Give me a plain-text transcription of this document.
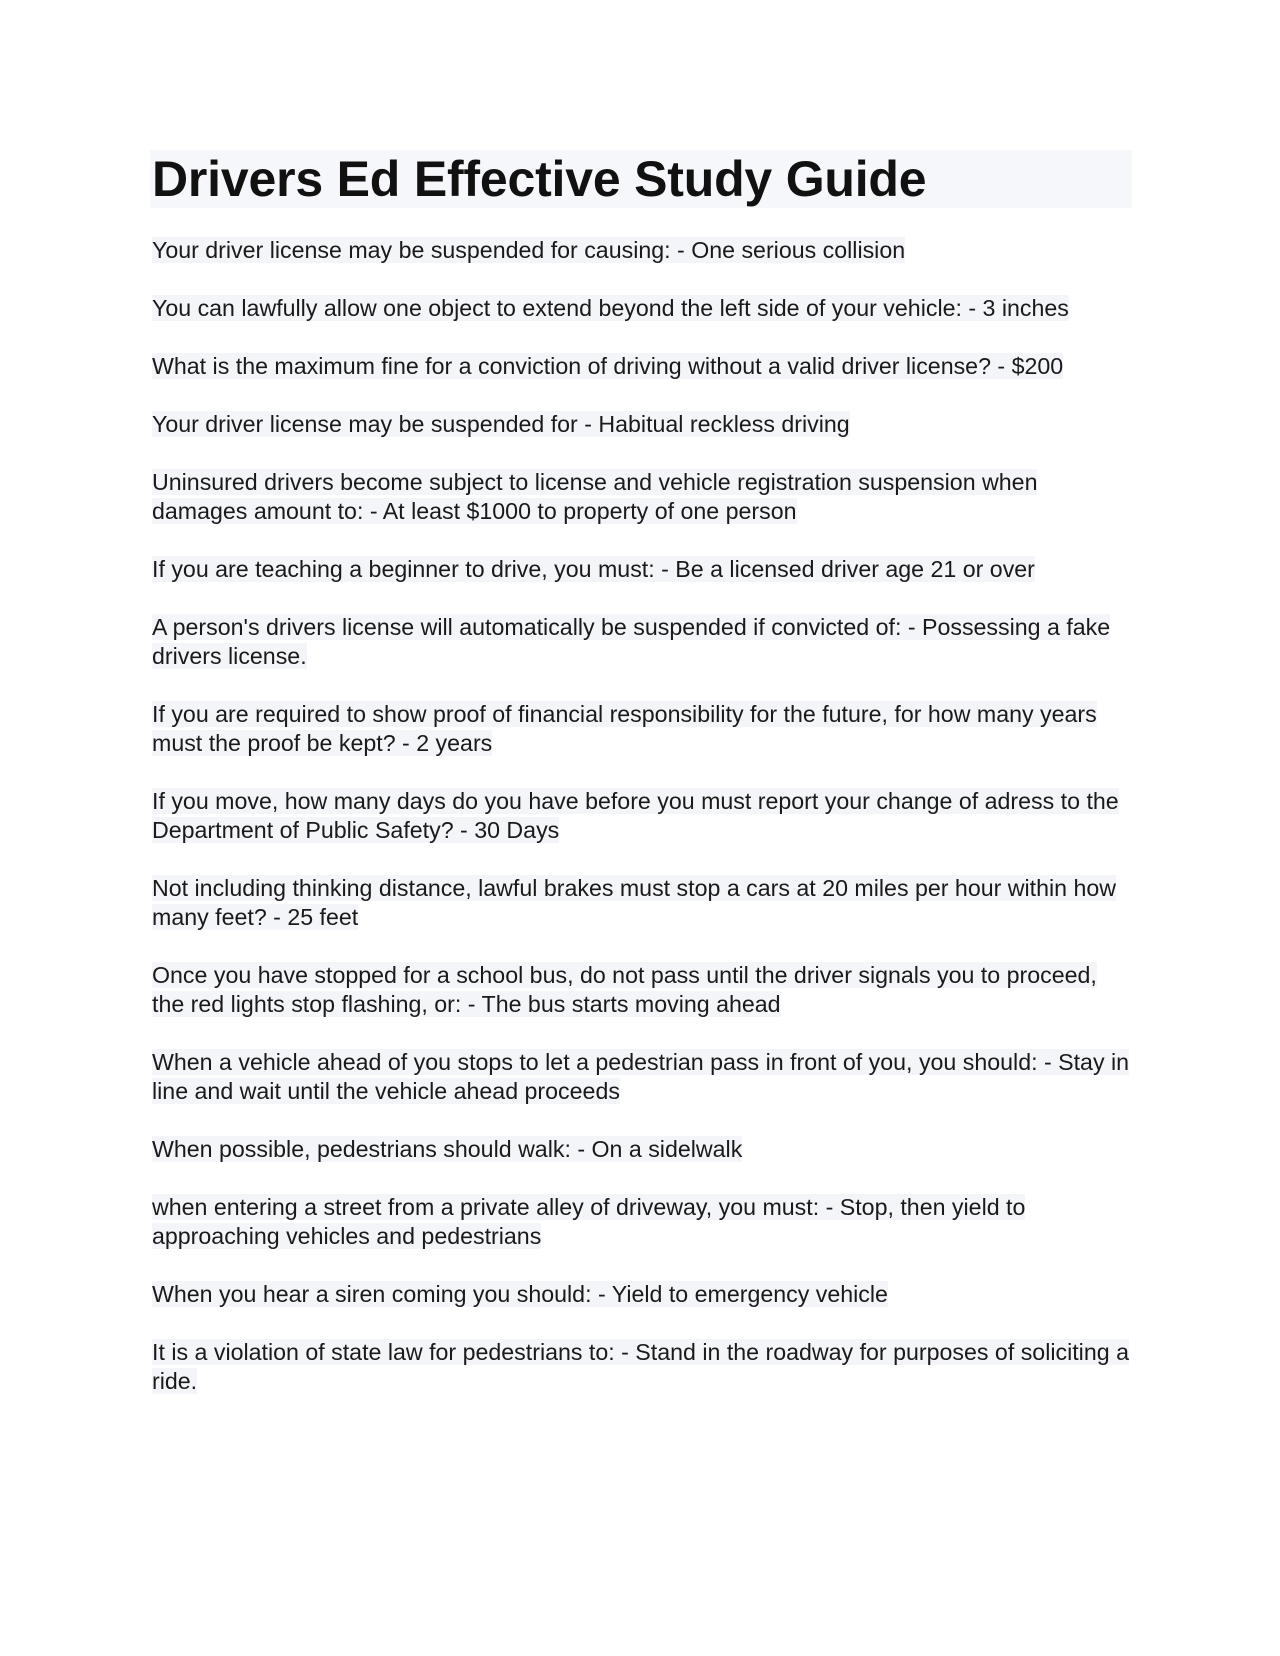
Drivers Ed Effective Study Guide

Your driver license may be suspended for causing: - One serious collision

You can lawfully allow one object to extend beyond the left side of your vehicle: - 3 inches

What is the maximum fine for a conviction of driving without a valid driver license? - $200

Your driver license may be suspended for - Habitual reckless driving

Uninsured drivers become subject to license and vehicle registration suspension when damages amount to: - At least $1000 to property of one person

If you are teaching a beginner to drive, you must: - Be a licensed driver age 21 or over

A person's drivers license will automatically be suspended if convicted of: - Possessing a fake drivers license.

If you are required to show proof of financial responsibility for the future, for how many years must the proof be kept? - 2 years

If you move, how many days do you have before you must report your change of adress to the Department of Public Safety? - 30 Days

Not including thinking distance, lawful brakes must stop a cars at 20 miles per hour within how many feet? - 25 feet

Once you have stopped for a school bus, do not pass until the driver signals you to proceed, the red lights stop flashing, or: - The bus starts moving ahead

When a vehicle ahead of you stops to let a pedestrian pass in front of you, you should: - Stay in line and wait until the vehicle ahead proceeds

When possible, pedestrians should walk: - On a sidelwalk

when entering a street from a private alley of driveway, you must: - Stop, then yield to approaching vehicles and pedestrians

When you hear a siren coming you should: - Yield to emergency vehicle

It is a violation of state law for pedestrians to: - Stand in the roadway for purposes of soliciting a ride.
